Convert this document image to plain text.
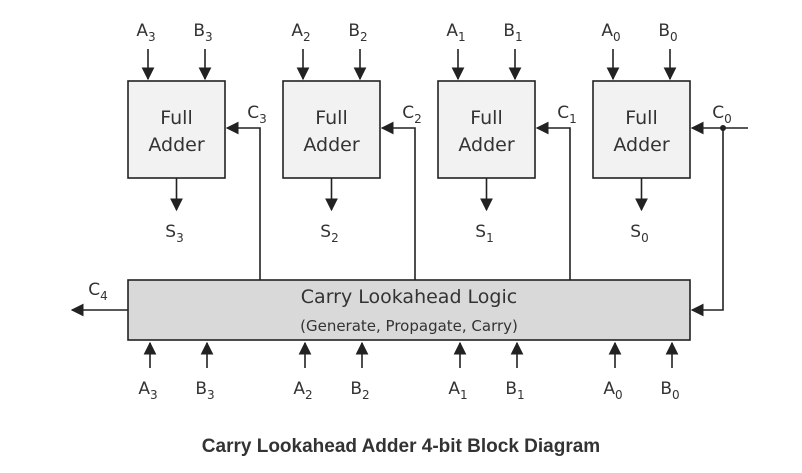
Full
Adder
$A_3$ $B_3$
$S_3$
$C_3$	Full
Adder
$A_2$ $B_2$
$S_2$
$C_2$	Full
Adder
$A_1$ $B_1$
$S_1$
$C_1$	Full
Adder
$A_0$ $B_0$
$S_0$
$C_0$
Carry Lookahead Logic
(Generate, Propagate, Carry)
$C_4$
$A_3$ $B_3$	$A_2$ $B_2$	$A_1$ $B_1$	$A_0$ $B_0$
Carry Lookahead Adder 4-bit Block Diagram
